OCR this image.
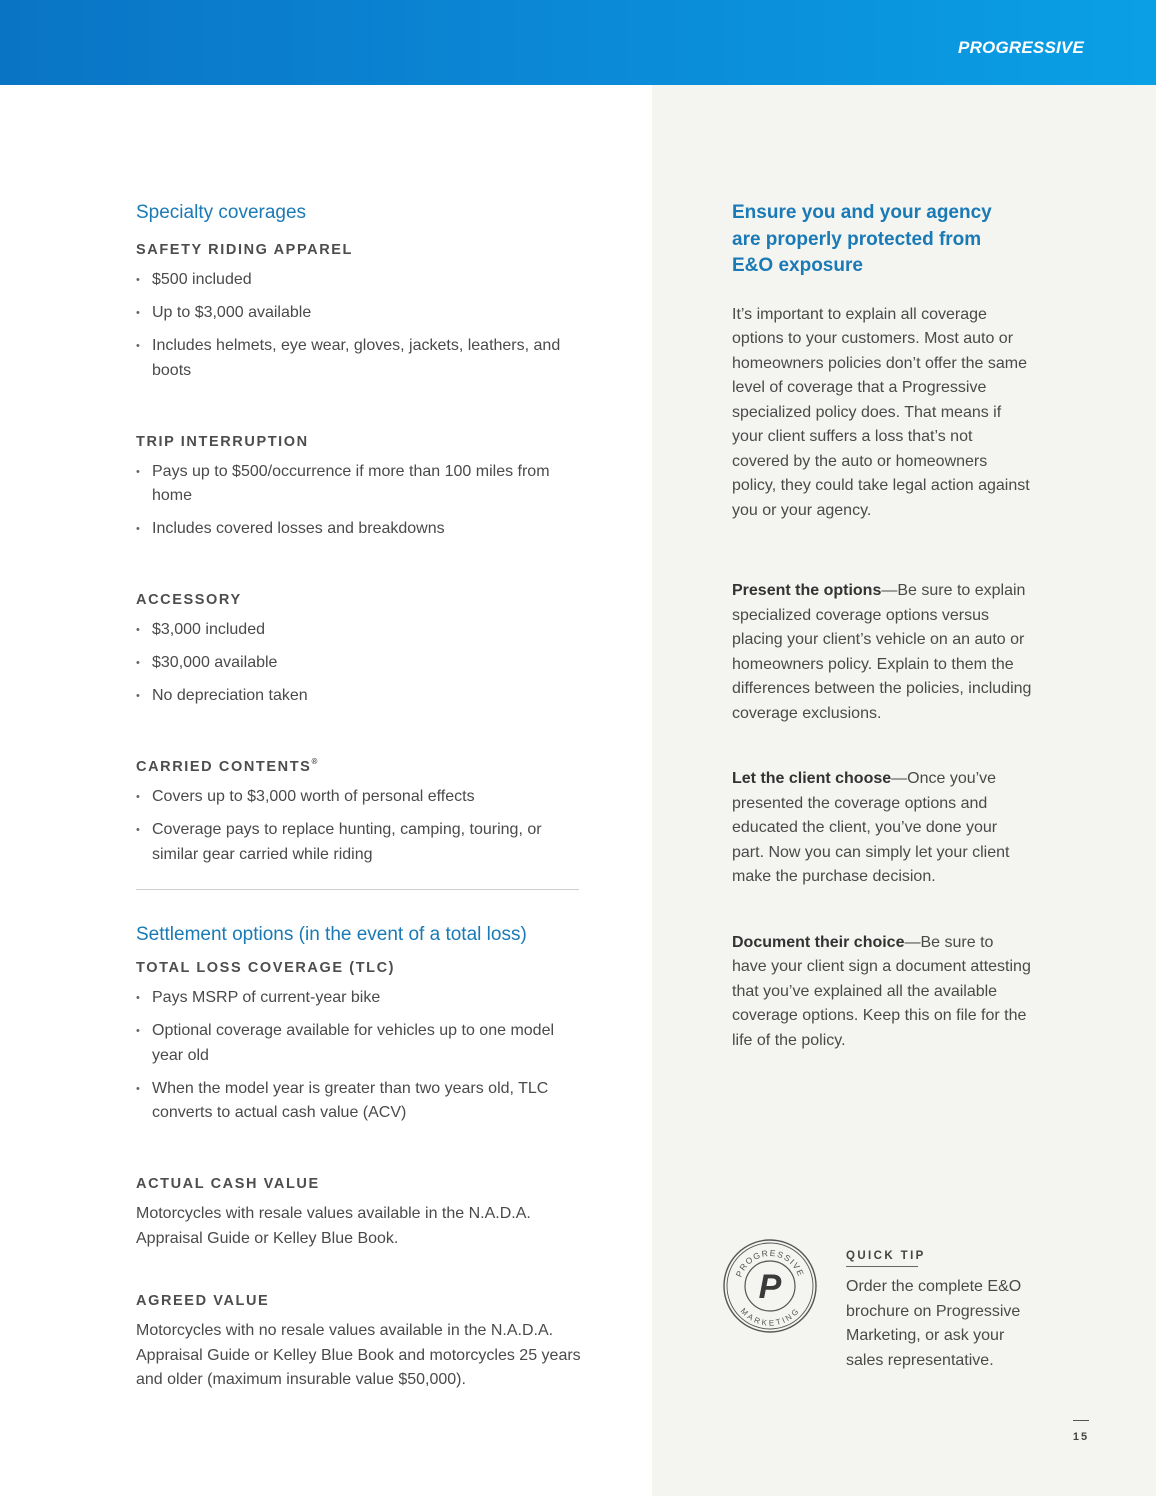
PROGRESSIVE
Specialty coverages
SAFETY RIDING APPAREL
• $500 included
• Up to $3,000 available
• Includes helmets, eye wear, gloves, jackets, leathers, and boots
TRIP INTERRUPTION
• Pays up to $500/occurrence if more than 100 miles from home
• Includes covered losses and breakdowns
ACCESSORY
• $3,000 included
• $30,000 available
• No depreciation taken
CARRIED CONTENTS®
• Covers up to $3,000 worth of personal effects
• Coverage pays to replace hunting, camping, touring, or similar gear carried while riding
Settlement options (in the event of a total loss)
TOTAL LOSS COVERAGE (TLC)
• Pays MSRP of current-year bike
• Optional coverage available for vehicles up to one model year old
• When the model year is greater than two years old, TLC converts to actual cash value (ACV)
ACTUAL CASH VALUE

Motorcycles with resale values available in the N.A.D.A. Appraisal Guide or Kelley Blue Book.

AGREED VALUE

Motorcycles with no resale values available in the N.A.D.A. Appraisal Guide or Kelley Blue Book and motorcycles 25 years and older (maximum insurable value $50,000).

Ensure you and your agency are properly protected from E&O exposure

It’s important to explain all coverage options to your customers. Most auto or homeowners policies don’t offer the same level of coverage that a Progressive specialized policy does. That means if your client suffers a loss that’s not covered by the auto or homeowners policy, they could take legal action against you or your agency.

Present the options—Be sure to explain specialized coverage options versus placing your client’s vehicle on an auto or homeowners policy. Explain to them the differences between the policies, including coverage exclusions.

Let the client choose—Once you’ve presented the coverage options and educated the client, you’ve done your part. Now you can simply let your client make the purchase decision.

Document their choice—Be sure to have your client sign a document attesting that you’ve explained all the available coverage options. Keep this on file for the life of the policy.

PROGRESSIVE
MARKETING
P
QUICK TIP

Order the complete E&O brochure on Progressive Marketing, or ask your sales representative.

15
